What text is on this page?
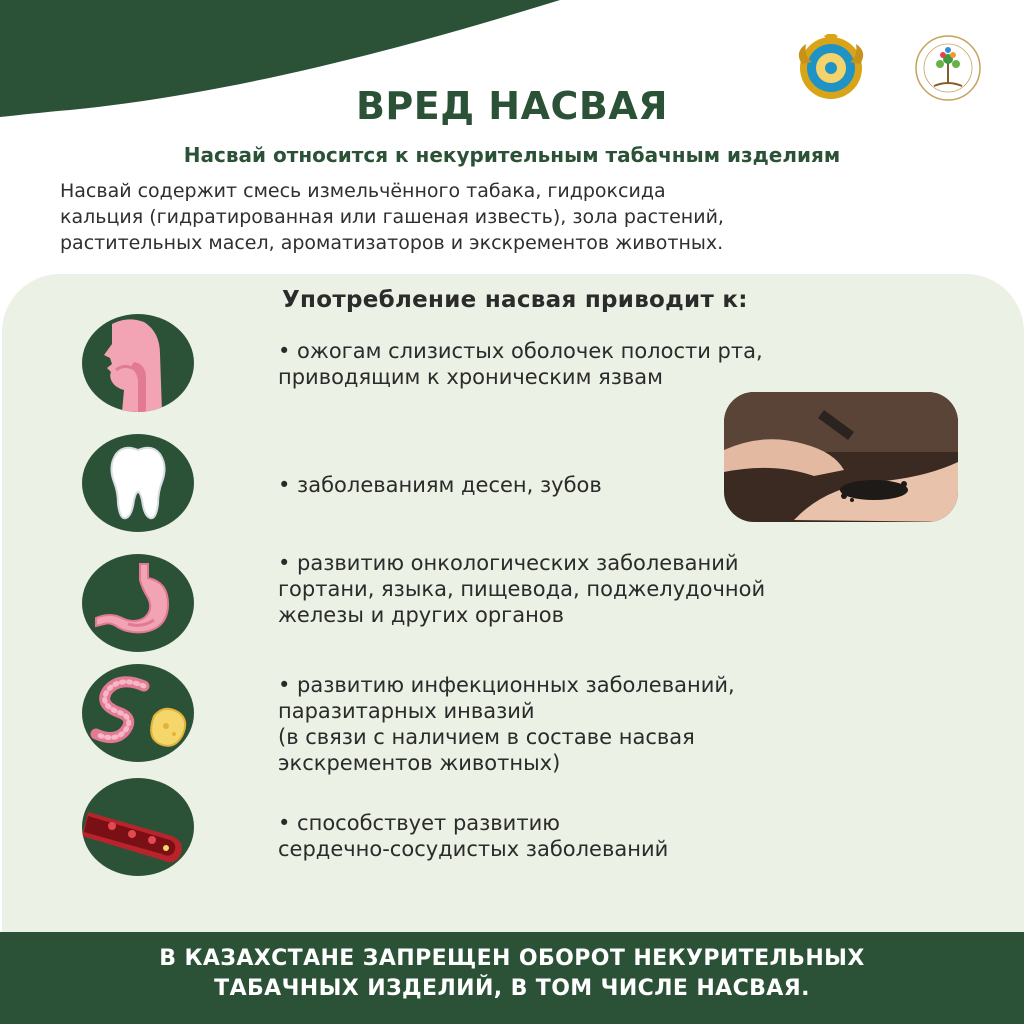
ВРЕД НАСВАЯ
Насвай относится к некурительным табачным изделиям
Насвай содержит смесь измельчённого табака, гидроксида
кальция (гидратированная или гашеная известь), зола растений,
растительных масел, ароматизаторов и экскрементов животных.
Употребление насвая приводит к:
• ожогам слизистых оболочек полости рта,
приводящим к хроническим язвам
• заболеваниям десен, зубов
• развитию онкологических заболеваний
гортани, языка, пищевода, поджелудочной
железы и других органов
• развитию инфекционных заболеваний,
паразитарных инвазий
(в связи с наличием в составе насвая
экскрементов животных)
• способствует развитию
сердечно-сосудистых заболеваний
В КАЗАХСТАНЕ ЗАПРЕЩЕН ОБОРОТ НЕКУРИТЕЛЬНЫХ
ТАБАЧНЫХ ИЗДЕЛИЙ, В ТОМ ЧИСЛЕ НАСВАЯ.
